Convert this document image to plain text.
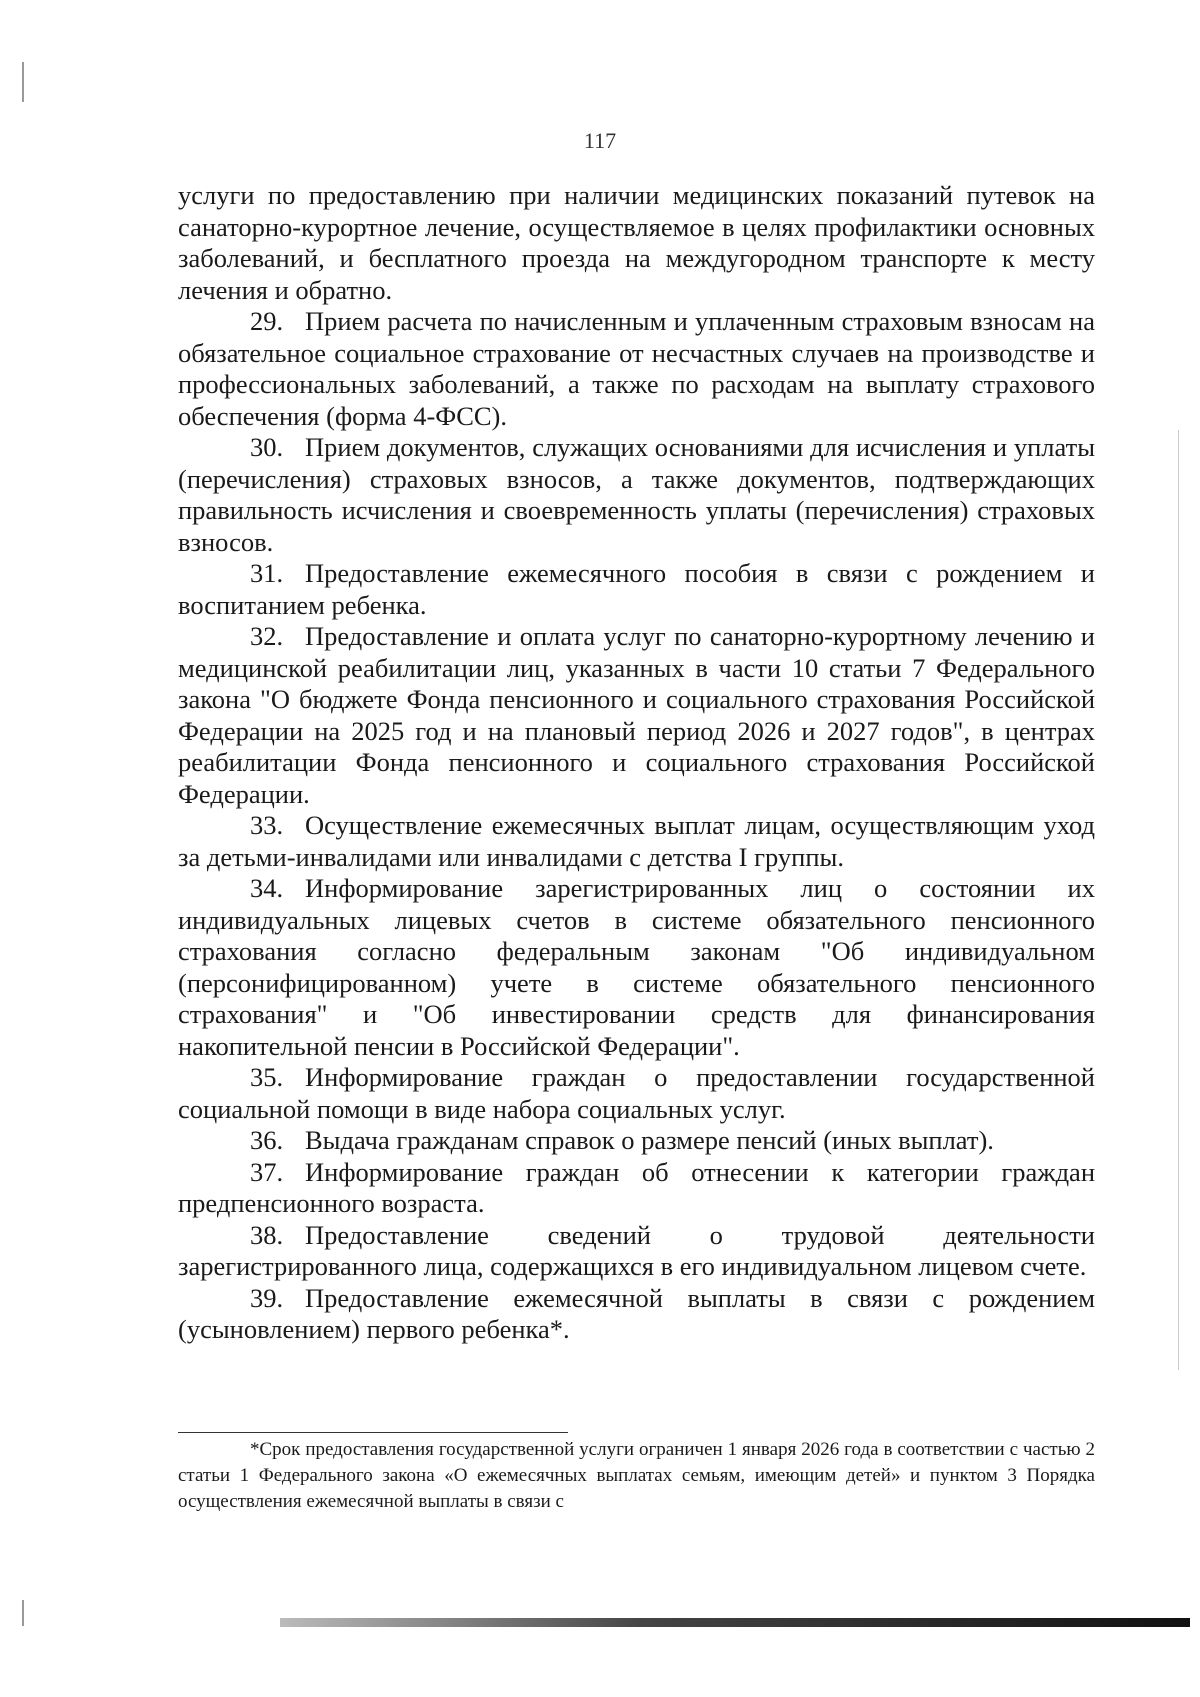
117

услуги по предоставлению при наличии медицинских показаний путевок на санаторно-курортное лечение, осуществляемое в целях профилактики основных заболеваний, и бесплатного проезда на междугородном транспорте к месту лечения и обратно.

29. Прием расчета по начисленным и уплаченным страховым взносам на обязательное социальное страхование от несчастных случаев на производстве и профессиональных заболеваний, а также по расходам на выплату страхового обеспечения (форма 4-ФСС).

30. Прием документов, служащих основаниями для исчисления и уплаты (перечисления) страховых взносов, а также документов, подтверждающих правильность исчисления и своевременность уплаты (перечисления) страховых взносов.

31. Предоставление ежемесячного пособия в связи с рождением и воспитанием ребенка.

32. Предоставление и оплата услуг по санаторно-курортному лечению и медицинской реабилитации лиц, указанных в части 10 статьи 7 Федерального закона "О бюджете Фонда пенсионного и социального страхования Российской Федерации на 2025 год и на плановый период 2026 и 2027 годов", в центрах реабилитации Фонда пенсионного и социального страхования Российской Федерации.

33. Осуществление ежемесячных выплат лицам, осуществляющим уход за детьми-инвалидами или инвалидами с детства I группы.

34. Информирование зарегистрированных лиц о состоянии их индивидуальных лицевых счетов в системе обязательного пенсионного страхования согласно федеральным законам "Об индивидуальном (персонифицированном) учете в системе обязательного пенсионного страхования" и "Об инвестировании средств для финансирования накопительной пенсии в Российской Федерации".

35. Информирование граждан о предоставлении государственной социальной помощи в виде набора социальных услуг.

36. Выдача гражданам справок о размере пенсий (иных выплат).

37. Информирование граждан об отнесении к категории граждан предпенсионного возраста.

38. Предоставление сведений о трудовой деятельности зарегистрированного лица, содержащихся в его индивидуальном лицевом счете.

39. Предоставление ежемесячной выплаты в связи с рождением (усыновлением) первого ребенка*.

*Срок предоставления государственной услуги ограничен 1 января 2026 года в соответствии с частью 2 статьи 1 Федерального закона «О ежемесячных выплатах семьям, имеющим детей» и пунктом 3 Порядка осуществления ежемесячной выплаты в связи с
